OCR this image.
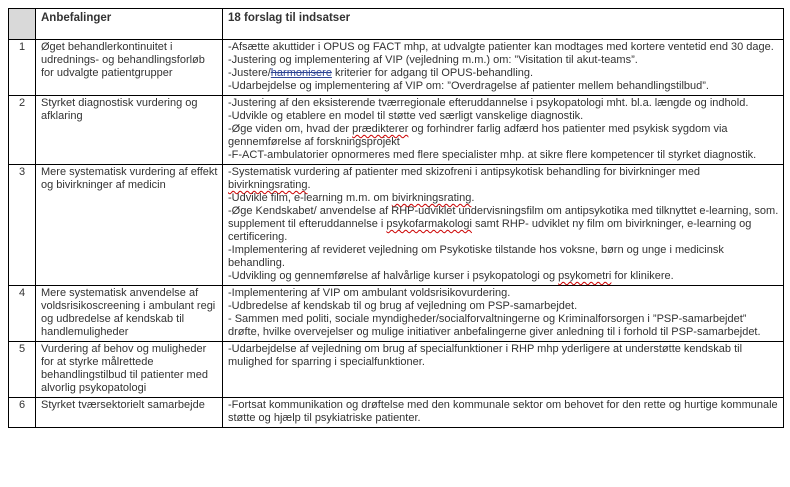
	Anbefalinger	18 forslag til indsatser
1	Øget behandlerkontinuitet i udrednings- og behandlingsforløb for udvalgte patientgrupper	-Afsætte akuttider i OPUS og FACT mhp, at udvalgte patienter kan modtages med kortere ventetid end 30 dage.
-Justering og implementering af VIP (vejledning m.m.) om: ”Visitation til akut-teams”.
-Justere/harmonisere kriterier for adgang til OPUS-behandling.
-Udarbejdelse og implementering af VIP om: ”Overdragelse af patienter mellem behandlingstilbud”.

2	Styrket diagnostisk vurdering og afklaring	-Justering af den eksisterende tværregionale efteruddannelse i psykopatologi mht. bl.a. længde og indhold.
-Udvikle og etablere en model til støtte ved særligt vanskelige diagnostik.
-Øge viden om, hvad der prædikterer og forhindrer farlig adfærd hos patienter med psykisk sygdom via gennemførelse af forskningsprojekt
-F-ACT-ambulatorier opnormeres med flere specialister mhp. at sikre flere kompetencer til styrket diagnostik.

3	Mere systematisk vurdering af effekt og bivirkninger af medicin	-Systematisk vurdering af patienter med skizofreni i antipsykotisk behandling for bivirkninger med bivirkningsrating.
-Udvikle film, e-learning m.m. om bivirkningsrating.
-Øge Kendskabet/ anvendelse af RHP-udviklet undervisningsfilm om antipsykotika med tilknyttet e-learning, som. supplement til efteruddannelse i psykofarmakologi samt RHP- udviklet ny film om bivirkninger, e-learning og certificering.
-Implementering af revideret vejledning om Psykotiske tilstande hos voksne, børn og unge i medicinsk behandling.
-Udvikling og gennemførelse af halvårlige kurser i psykopatologi og psykometri for klinikere.

4	Mere systematisk anvendelse af voldsrisikoscreening i ambulant regi og udbredelse af kendskab til handlemuligheder	-Implementering af VIP om ambulant voldsrisikovurdering.
-Udbredelse af kendskab til og brug af vejledning om PSP-samarbejdet.
- Sammen med politi, sociale myndigheder/socialforvaltningerne og Kriminalforsorgen i ”PSP-samarbejdet” drøfte, hvilke overvejelser og mulige initiativer anbefalingerne giver anledning til i forhold til PSP-samarbejdet.

5	Vurdering af behov og muligheder for at styrke målrettede behandlingstilbud til patienter med alvorlig psykopatologi	-Udarbejdelse af vejledning om brug af specialfunktioner i RHP mhp yderligere at understøtte kendskab til mulighed for sparring i specialfunktioner.

6	Styrket tværsektorielt samarbejde	-Fortsat kommunikation og drøftelse med den kommunale sektor om behovet for den rette og hurtige kommunale støtte og hjælp til psykiatriske patienter.
